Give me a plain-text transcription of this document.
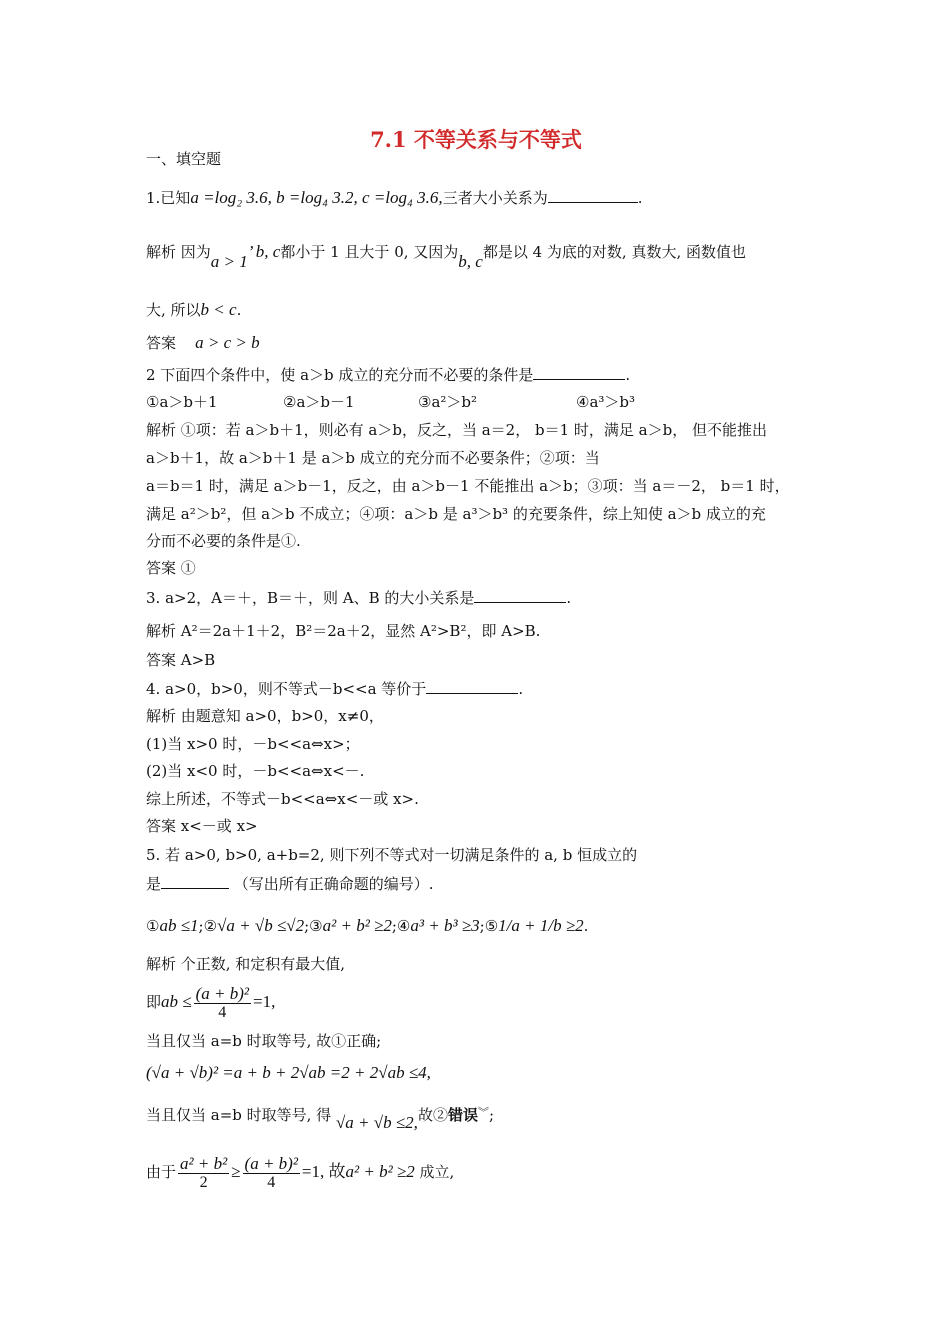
7.1 不等关系与不等式
一、填空题
1.已知a =log₂ 3.6, b =log₄ 3.2, c =log₄ 3.6,三者大小关系为	.
解析 因为a > 1’ b, c都小于 1 且大于 0, 又因为b, c都是以 4 为底的对数, 真数大, 函数值也
大, 所以b < c.
答案 a > c > b
2 下面四个条件中，使 a＞b 成立的充分而不必要的条件是	.
①a＞b＋1	②a＞b－1	③a²＞b²	④a³＞b³
解析 ①项：若 a＞b＋1，则必有 a＞b，反之，当 a＝2， b＝1 时，满足 a＞b， 但不能推出
a＞b＋1，故 a＞b＋1 是 a＞b 成立的充分而不必要条件；②项：当
a＝b＝1 时，满足 a＞b－1，反之，由 a＞b－1 不能推出 a＞b；③项：当 a＝－2， b＝1 时，
满足 a²＞b²，但 a＞b 不成立；④项：a＞b 是 a³＞b³ 的充要条件，综上知使 a＞b 成立的充
分而不必要的条件是①.
答案 ①
3. a>2，A＝＋，B＝＋，则 A、B 的大小关系是	.
解析 A²＝2a＋1＋2，B²＝2a＋2，显然 A²>B²，即 A>B.
答案 A>B
4. a>0，b>0，则不等式－b<<a 等价于	.
解析 由题意知 a>0，b>0，x≠0，
(1)当 x>0 时，－b<<a⇔x>；
(2)当 x<0 时，－b<<a⇔x<－.
综上所述，不等式－b<<a⇔x<－或 x>.
答案 x<－或 x>
5. 若 a>0, b>0, a+b=2, 则下列不等式对一切满足条件的 a, b 恒成立的
是	（写出所有正确命题的编号）.
①ab ≤1;②√a + √b ≤√2;③a² + b² ≥2;④a³ + b³ ≥3;⑤1/a + 1/b ≥2.
解析 个正数, 和定积有最大值,
即ab ≤ $\frac{\text{(a + b)²}}{4} =1$,
当且仅当 a=b 时取等号, 故①正确;
(√a + √b)² =a + b + 2√ab =2 + 2√ab ≤4,
当且仅当 a=b 时取等号, 得 √a + √b ≤2,故②错误︾;
由于 $\frac{\text{a² + b²}}{2} \ge \frac{\text{(a + b)²}}{4} =1$, 故a² + b² ≥2 成立,
